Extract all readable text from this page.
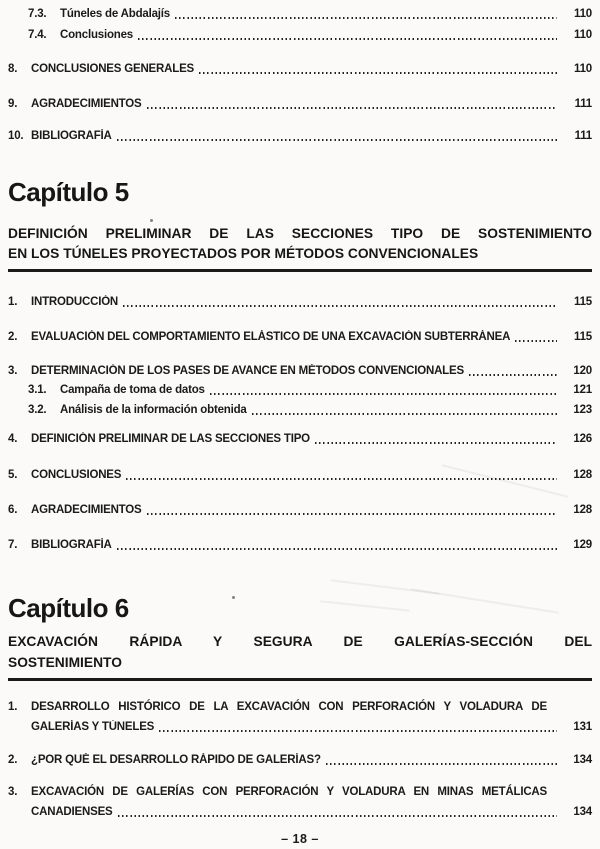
7.3.	Túneles de Abdalajís	110
7.4.	Conclusiones	110
8.	CONCLUSIONES GENERALES	110
9.	AGRADECIMIENTOS	111
10. BIBLIOGRAFÍA	111
Capítulo 5
DEFINICIÓN PRELIMINAR DE LAS SECCIONES TIPO DE SOSTENIMIENTO
EN LOS TÚNELES PROYECTADOS POR MÉTODOS CONVENCIONALES
1.	INTRODUCCIÓN	115
2.	EVALUACIÓN DEL COMPORTAMIENTO ELÁSTICO DE UNA EXCAVACIÓN SUBTERRÁNEA	115
3.	DETERMINACIÓN DE LOS PASES DE AVANCE EN MÉTODOS CONVENCIONALES	120
3.1.	Campaña de toma de datos	121
3.2.	Análisis de la información obtenida	123
4.	DEFINICIÓN PRELIMINAR DE LAS SECCIONES TIPO	126
5.	CONCLUSIONES	128
6.	AGRADECIMIENTOS	128
7.	BIBLIOGRAFÍA	129
Capítulo 6
EXCAVACIÓN RÁPIDA Y SEGURA DE GALERÍAS-SECCIÓN DEL
SOSTENIMIENTO
1.	DESARROLLO HISTÓRICO DE LA EXCAVACIÓN CON PERFORACIÓN Y VOLADURA DE
GALERÍAS Y TÚNELES	131
2.	¿POR QUÉ EL DESARROLLO RÁPIDO DE GALERÍAS?	134
3.	EXCAVACIÓN DE GALERÍAS CON PERFORACIÓN Y VOLADURA EN MINAS METÁLICAS
CANADIENSES	134
– 18 –
